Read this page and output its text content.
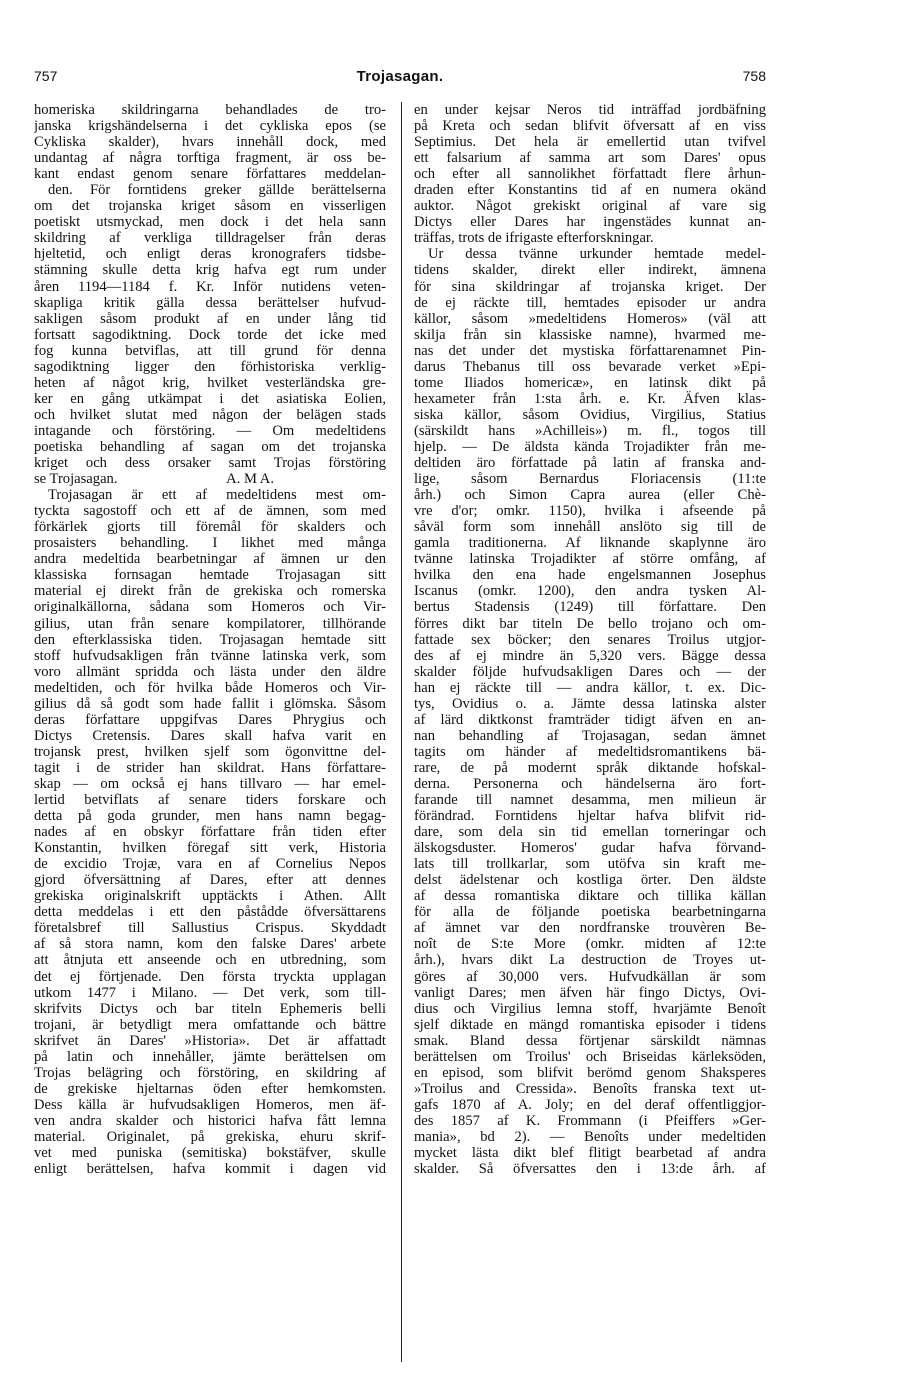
757	Trojasagan.	758
homeriska skildringarna behandlades de tro-
janska krigshändelserna i det cykliska epos (se
Cykliska skalder), hvars innehåll dock, med
undantag af några torftiga fragment, är oss be-
kant endast genom senare författares meddelan-
den. För forntidens greker gällde berättelserna
om det trojanska kriget såsom en visserligen
poetiskt utsmyckad, men dock i det hela sann
skildring af verkliga tilldragelser från deras
hjeltetid, och enligt deras kronografers tidsbe-
stämning skulle detta krig hafva egt rum under
åren 1194—1184 f. Kr. Inför nutidens veten-
skapliga kritik gälla dessa berättelser hufvud-
sakligen såsom produkt af en under lång tid
fortsatt sagodiktning. Dock torde det icke med
fog kunna betviflas, att till grund för denna
sagodiktning ligger den förhistoriska verklig-
heten af något krig, hvilket vesterländska gre-
ker en gång utkämpat i det asiatiska Eolien,
och hvilket slutat med någon der belägen stads
intagande och förstöring. — Om medeltidens
poetiska behandling af sagan om det trojanska
kriget och dess orsaker samt Trojas förstöring
se Trojasagan.                              A. M A.
Trojasagan är ett af medeltidens mest om-
tyckta sagostoff och ett af de ämnen, som med
förkärlek gjorts till föremål för skalders och
prosaisters behandling. I likhet med många
andra medeltida bearbetningar af ämnen ur den
klassiska fornsagan hemtade Trojasagan sitt
material ej direkt från de grekiska och romerska
originalkällorna, sådana som Homeros och Vir-
gilius, utan från senare kompilatorer, tillhörande
den efterklassiska tiden. Trojasagan hemtade sitt
stoff hufvudsakligen från tvänne latinska verk, som
voro allmänt spridda och lästa under den äldre
medeltiden, och för hvilka både Homeros och Vir-
gilius då så godt som hade fallit i glömska. Såsom
deras författare uppgifvas Dares Phrygius och
Dictys Cretensis. Dares skall hafva varit en
trojansk prest, hvilken sjelf som ögonvittne del-
tagit i de strider han skildrat. Hans författare-
skap — om också ej hans tillvaro — har emel-
lertid betviflats af senare tiders forskare och
detta på goda grunder, men hans namn begag-
nades af en obskyr författare från tiden efter
Konstantin, hvilken föregaf sitt verk, Historia
de excidio Trojæ, vara en af Cornelius Nepos
gjord öfversättning af Dares, efter att dennes
grekiska originalskrift upptäckts i Athen. Allt
detta meddelas i ett den påstådde öfversättarens
företalsbref till Sallustius Crispus. Skyddadt
af så stora namn, kom den falske Dares' arbete
att åtnjuta ett anseende och en utbredning, som
det ej förtjenade. Den första tryckta upplagan
utkom 1477 i Milano. — Det verk, som till-
skrifvits Dictys och bar titeln Ephemeris belli
trojani, är betydligt mera omfattande och bättre
skrifvet än Dares' »Historia». Det är affattadt
på latin och innehåller, jämte berättelsen om
Trojas belägring och förstöring, en skildring af
de grekiske hjeltarnas öden efter hemkomsten.
Dess källa är hufvudsakligen Homeros, men äf-
ven andra skalder och historici hafva fått lemna
material. Originalet, på grekiska, ehuru skrif-
vet med puniska (semitiska) bokstäfver, skulle
enligt berättelsen, hafva kommit i dagen vid
en under kejsar Neros tid inträffad jordbäfning
på Kreta och sedan blifvit öfversatt af en viss
Septimius. Det hela är emellertid utan tvifvel
ett falsarium af samma art som Dares' opus
och efter all sannolikhet författadt flere århun-
draden efter Konstantins tid af en numera okänd
auktor. Något grekiskt original af vare sig
Dictys eller Dares har ingenstädes kunnat an-
träffas, trots de ifrigaste efterforskningar.
Ur dessa tvänne urkunder hemtade medel-
tidens skalder, direkt eller indirekt, ämnena
för sina skildringar af trojanska kriget. Der
de ej räckte till, hemtades episoder ur andra
källor, såsom »medeltidens Homeros» (väl att
skilja från sin klassiske namne), hvarmed me-
nas det under det mystiska författarenamnet Pin-
darus Thebanus till oss bevarade verket »Epi-
tome Iliados homericæ», en latinsk dikt på
hexameter från 1:sta årh. e. Kr. Äfven klas-
siska källor, såsom Ovidius, Virgilius, Statius
(särskildt hans »Achilleis») m. fl., togos till
hjelp. — De äldsta kända Trojadikter från me-
deltiden äro författade på latin af franska and-
lige, såsom Bernardus Floriacensis (11:te
årh.) och Simon Capra aurea (eller Chè-
vre d'or; omkr. 1150), hvilka i afseende på
såväl form som innehåll anslöto sig till de
gamla traditionerna. Af liknande skaplynne äro
tvänne latinska Trojadikter af större omfång, af
hvilka den ena hade engelsmannen Josephus
Iscanus (omkr. 1200), den andra tysken Al-
bertus Stadensis (1249) till författare. Den
förres dikt bar titeln De bello trojano och om-
fattade sex böcker; den senares Troilus utgjor-
des af ej mindre än 5,320 vers. Bägge dessa
skalder följde hufvudsakligen Dares och — der
han ej räckte till — andra källor, t. ex. Dic-
tys, Ovidius o. a. Jämte dessa latinska alster
af lärd diktkonst framträder tidigt äfven en an-
nan behandling af Trojasagan, sedan ämnet
tagits om händer af medeltidsromantikens bä-
rare, de på modernt språk diktande hofskal-
derna. Personerna och händelserna äro fort-
farande till namnet desamma, men milieun är
förändrad. Forntidens hjeltar hafva blifvit rid-
dare, som dela sin tid emellan torneringar och
älskogsduster. Homeros' gudar hafva förvand-
lats till trollkarlar, som utöfva sin kraft me-
delst ädelstenar och kostliga örter. Den äldste
af dessa romantiska diktare och tillika källan
för alla de följande poetiska bearbetningarna
af ämnet var den nordfranske trouvèren Be-
noît de S:te More (omkr. midten af 12:te
årh.), hvars dikt La destruction de Troyes ut-
göres af 30,000 vers. Hufvudkällan är som
vanligt Dares; men äfven här fingo Dictys, Ovi-
dius och Virgilius lemna stoff, hvarjämte Benoît
sjelf diktade en mängd romantiska episoder i tidens
smak. Bland dessa förtjenar särskildt nämnas
berättelsen om Troilus' och Briseidas kärleksöden,
en episod, som blifvit berömd genom Shaksperes
»Troilus and Cressida». Benoîts franska text ut-
gafs 1870 af A. Joly; en del deraf offentliggjor-
des 1857 af K. Frommann (i Pfeiffers »Ger-
mania», bd 2). — Benoîts under medeltiden
mycket lästa dikt blef flitigt bearbetad af andra
skalder. Så öfversattes den i 13:de årh. af
